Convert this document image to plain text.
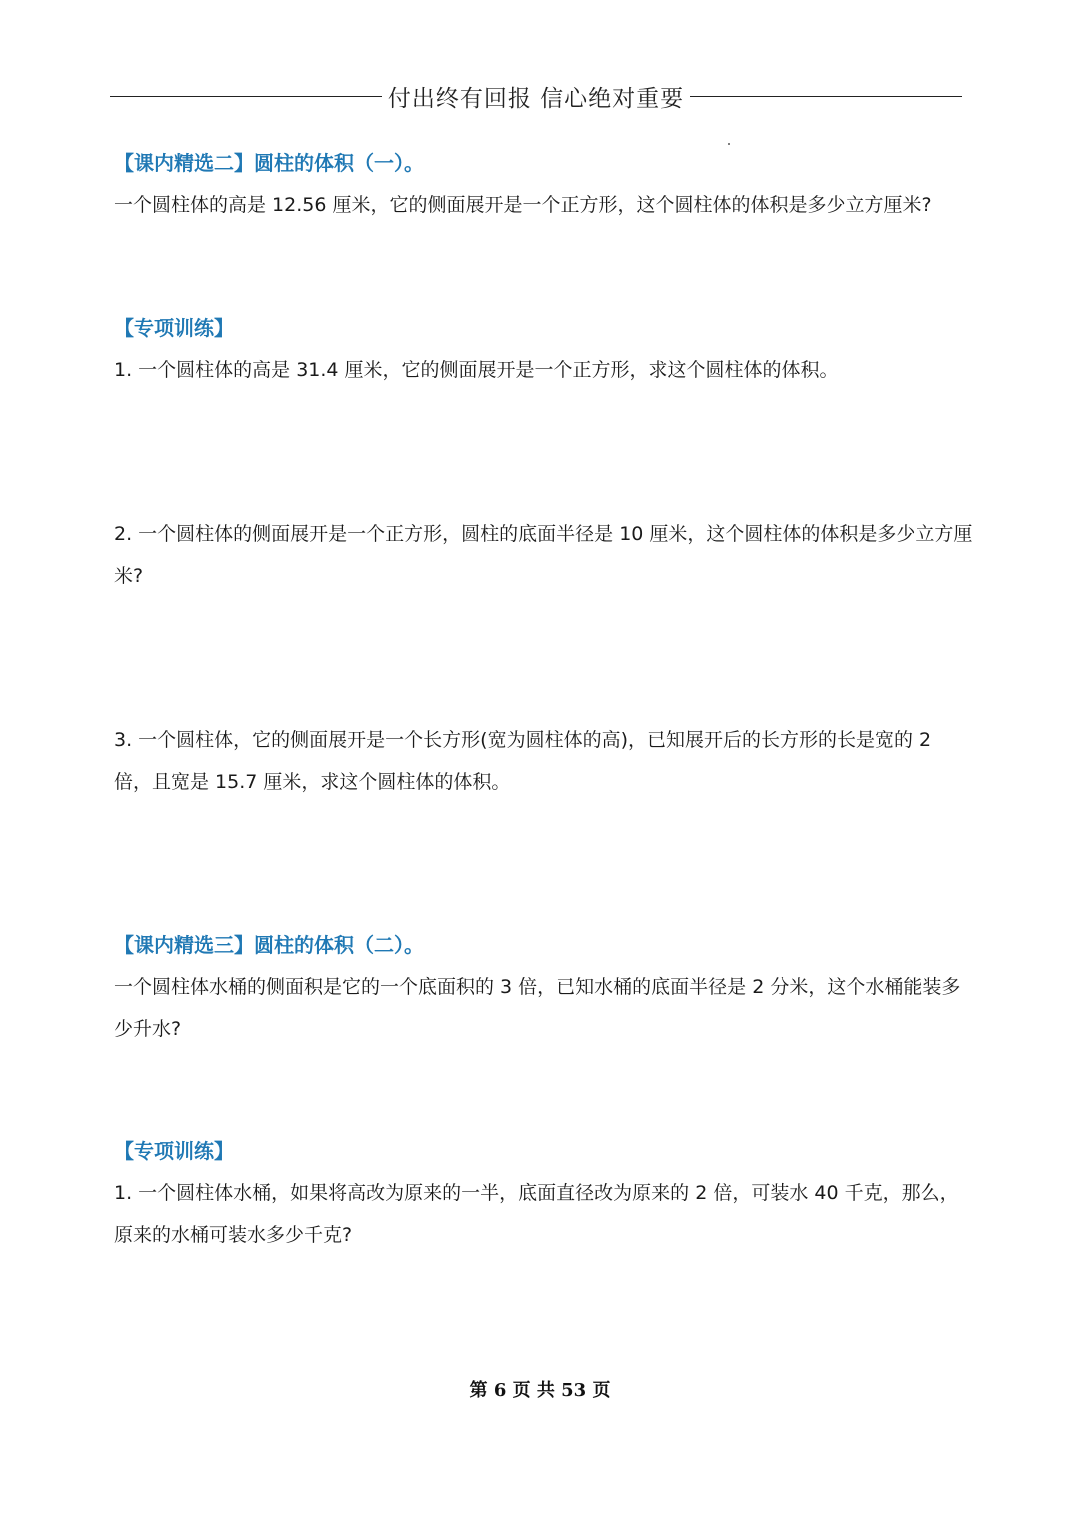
付出终有回报 信心绝对重要

【课内精选二】圆柱的体积（一）。

一个圆柱体的高是 12.56 厘米，它的侧面展开是一个正方形，这个圆柱体的体积是多少立方厘米?

【专项训练】

1. 一个圆柱体的高是 31.4 厘米，它的侧面展开是一个正方形，求这个圆柱体的体积。

2. 一个圆柱体的侧面展开是一个正方形，圆柱的底面半径是 10 厘米，这个圆柱体的体积是多少立方厘米?

3. 一个圆柱体，它的侧面展开是一个长方形(宽为圆柱体的高)，已知展开后的长方形的长是宽的 2 倍，且宽是 15.7 厘米，求这个圆柱体的体积。

【课内精选三】圆柱的体积（二）。

一个圆柱体水桶的侧面积是它的一个底面积的 3 倍，已知水桶的底面半径是 2 分米，这个水桶能装多少升水?

【专项训练】

1. 一个圆柱体水桶，如果将高改为原来的一半，底面直径改为原来的 2 倍，可装水 40 千克，那么，原来的水桶可装水多少千克?

第 6 页 共 53 页
